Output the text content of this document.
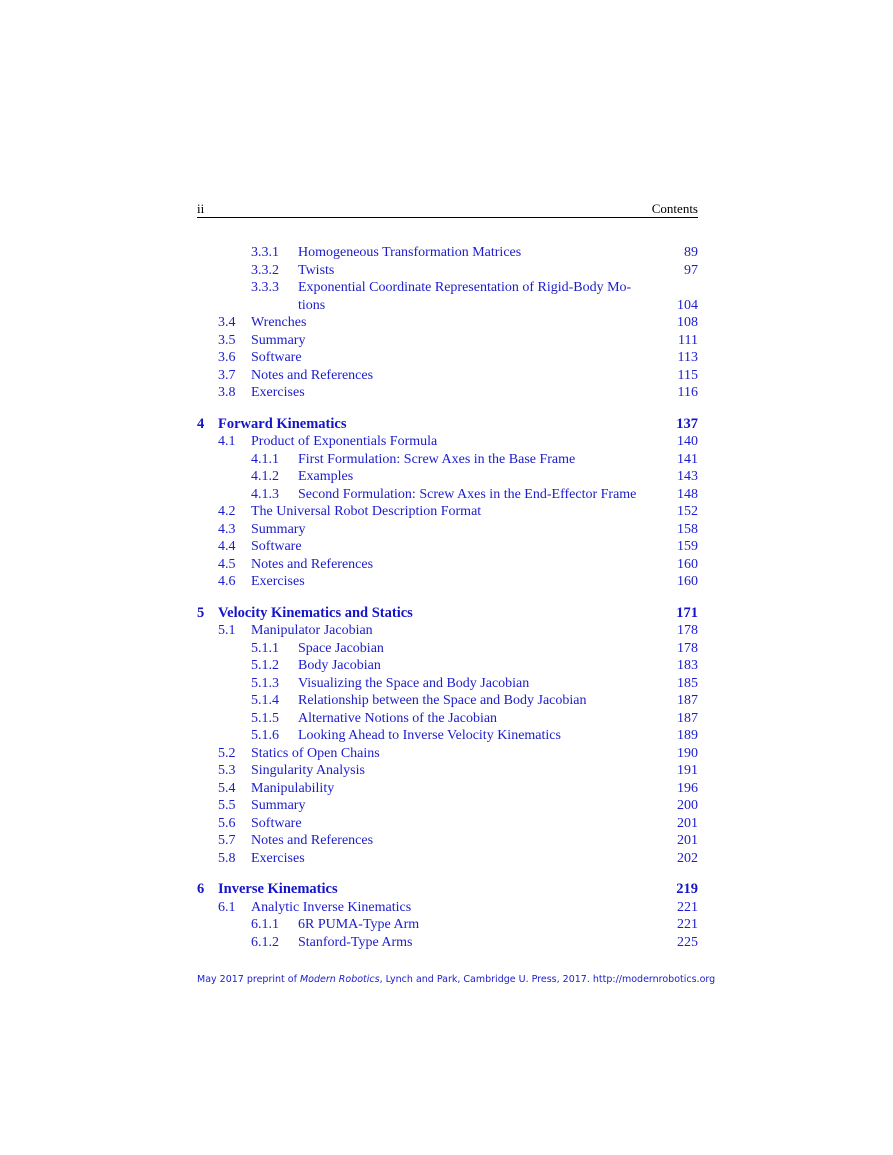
ii	Contents
3.3.1 Homogeneous Transformation Matrices	89
3.3.2 Twists	97
3.3.3 Exponential Coordinate Representation of Rigid-Body Mo-
tions	104
3.4 Wrenches	108
3.5 Summary	111
3.6 Software	113
3.7 Notes and References	115
3.8 Exercises	116
4 Forward Kinematics	137
4.1 Product of Exponentials Formula	140
4.1.1 First Formulation: Screw Axes in the Base Frame	141
4.1.2 Examples	143
4.1.3 Second Formulation: Screw Axes in the End-Effector Frame	148
4.2 The Universal Robot Description Format	152
4.3 Summary	158
4.4 Software	159
4.5 Notes and References	160
4.6 Exercises	160
5 Velocity Kinematics and Statics	171
5.1 Manipulator Jacobian	178
5.1.1 Space Jacobian	178
5.1.2 Body Jacobian	183
5.1.3 Visualizing the Space and Body Jacobian	185
5.1.4 Relationship between the Space and Body Jacobian	187
5.1.5 Alternative Notions of the Jacobian	187
5.1.6 Looking Ahead to Inverse Velocity Kinematics	189
5.2 Statics of Open Chains	190
5.3 Singularity Analysis	191
5.4 Manipulability	196
5.5 Summary	200
5.6 Software	201
5.7 Notes and References	201
5.8 Exercises	202
6 Inverse Kinematics	219
6.1 Analytic Inverse Kinematics	221
6.1.1 6R PUMA-Type Arm	221
6.1.2 Stanford-Type Arms	225
May 2017 preprint of Modern Robotics, Lynch and Park, Cambridge U. Press, 2017. http://modernrobotics.org
